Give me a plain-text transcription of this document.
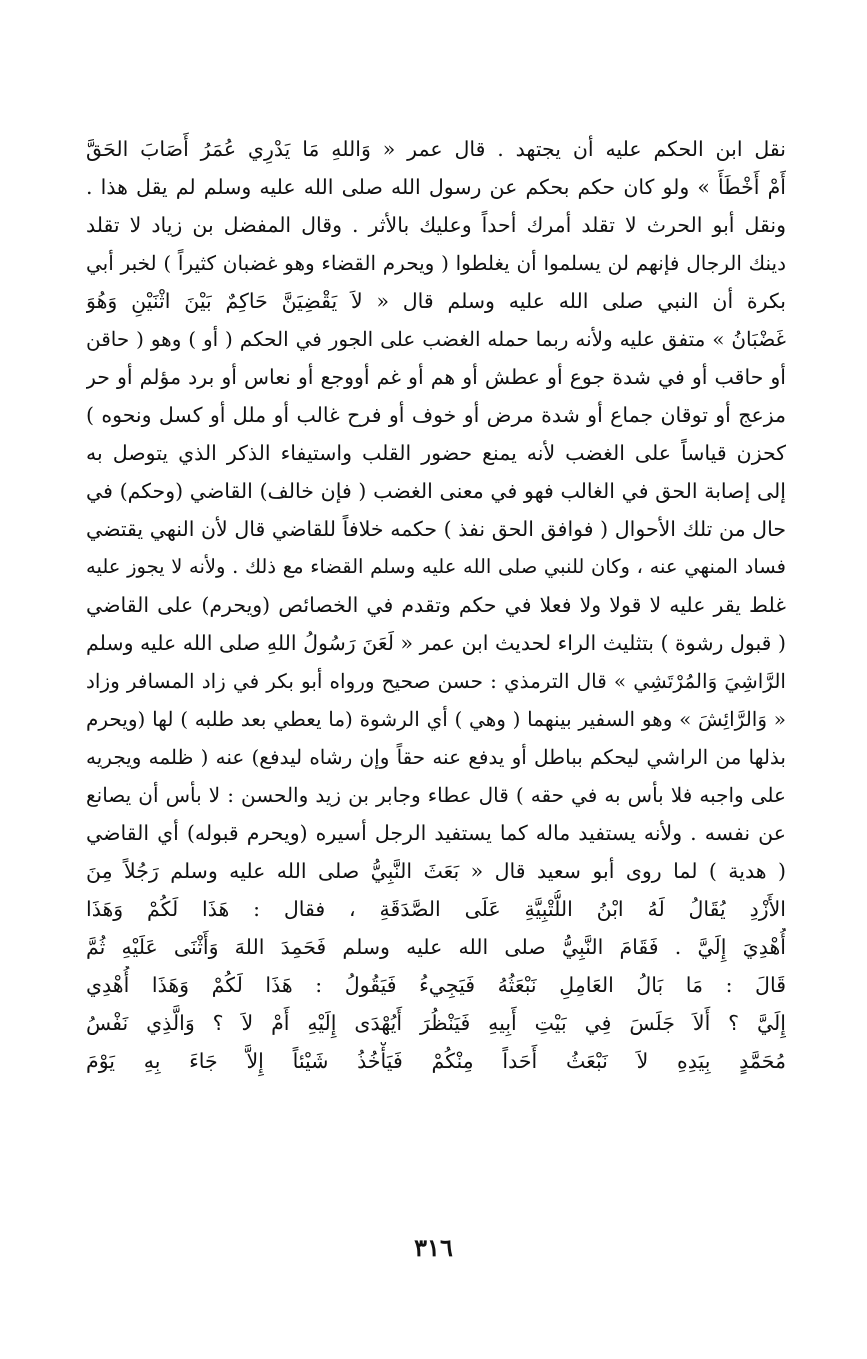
نقل ابن الحكم عليه أن يجتهد . قال عمر « وَاللهِ مَا يَدْرِي عُمَرُ أَصَابَ الحَقَّ
أَمْ أَخْطَأَ » ولو كان حكم بحكم عن رسول الله صلى الله عليه وسلم لم يقل هذا .
ونقل أبو الحرث لا تقلد أمرك أحداً وعليك بالأثر . وقال المفضل بن زياد لا تقلد
دينك الرجال فإنهم لن يسلموا أن يغلطوا ( ويحرم القضاء وهو غضبان كثيراً ) لخبر أبي
بكرة أن النبي صلى الله عليه وسلم قال « لاَ يَقْضِيَنَّ حَاكِمٌ بَيْنَ اثْنَيْنِ وَهُوَ
غَضْبَانُ » متفق عليه ولأنه ربما حمله الغضب على الجور في الحكم ( أو ) وهو ( حاقن
أو حاقب أو في شدة جوع أو عطش أو هم أو غم أووجع أو نعاس أو برد مؤلم أو حر
مزعج أو توقان جماع أو شدة مرض أو خوف أو فرح غالب أو ملل أو كسل ونحوه )
كحزن قياساً على الغضب لأنه يمنع حضور القلب واستيفاء الذكر الذي يتوصل به
إلى إصابة الحق في الغالب فهو في معنى الغضب ( فإن خالف) القاضي (وحكم) في
حال من تلك الأحوال ( فوافق الحق نفذ ) حكمه خلافاً للقاضي قال لأن النهي يقتضي
فساد المنهي عنه ، وكان للنبي صلى الله عليه وسلم القضاء مع ذلك . ولأنه لا يجوز عليه
غلط يقر عليه لا قولا ولا فعلا في حكم وتقدم في الخصائص (ويحرم) على القاضي
( قبول رشوة ) بتثليث الراء لحديث ابن عمر « لَعَنَ رَسُولُ اللهِ صلى الله عليه وسلم
الرَّاشِيَ وَالمُرْتَشِي » قال الترمذي : حسن صحيح ورواه أبو بكر في زاد المسافر وزاد
« وَالرَّائِشَ » وهو السفير بينهما ( وهي ) أي الرشوة (ما يعطي بعد طلبه ) لها (ويحرم
بذلها من الراشي ليحكم بباطل أو يدفع عنه حقاً وإن رشاه ليدفع) عنه ( ظلمه ويجريه
على واجبه فلا بأس به في حقه ) قال عطاء وجابر بن زيد والحسن : لا بأس أن يصانع
عن نفسه . ولأنه يستفيد ماله كما يستفيد الرجل أسيره (ويحرم قبوله) أي القاضي
( هدية ) لما روى أبو سعيد قال « بَعَثَ النَّبِيُّ صلى الله عليه وسلم رَجُلاً مِنَ
الأَزْدِ يُقَالُ لَهُ ابْنُ اللُّتْبِيَّةِ عَلَى الصَّدَقَةِ ، فقال : هَذَا لَكُمْ وَهَذَا
أُهْدِيَ إِلَيَّ . فَقَامَ النَّبِيُّ صلى الله عليه وسلم فَحَمِدَ اللهَ وَأَثْنَى عَلَيْهِ ثُمَّ
قَالَ : مَا بَالُ العَامِلِ نَبْعَثُهُ فَيَجِيءُ فَيَقُولُ : هَذَا لَكُمْ وَهَذَا أُهْدِي
إِلَيَّ ؟ أَلاَ جَلَسَ فِي بَيْتِ أَبِيهِ فَيَنْظُرَ أَيُهْدَى إِلَيْهِ أَمْ لاَ ؟ وَالَّذِي نَفْسُ
مُحَمَّدٍ بِيَدِهِ لاَ نَبْعَثُ أَحَداً مِنْكُمْ فَيَأْخُذُ شَيْئاً إِلاَّ جَاءَ بِهِ يَوْمَ
٣١٦
